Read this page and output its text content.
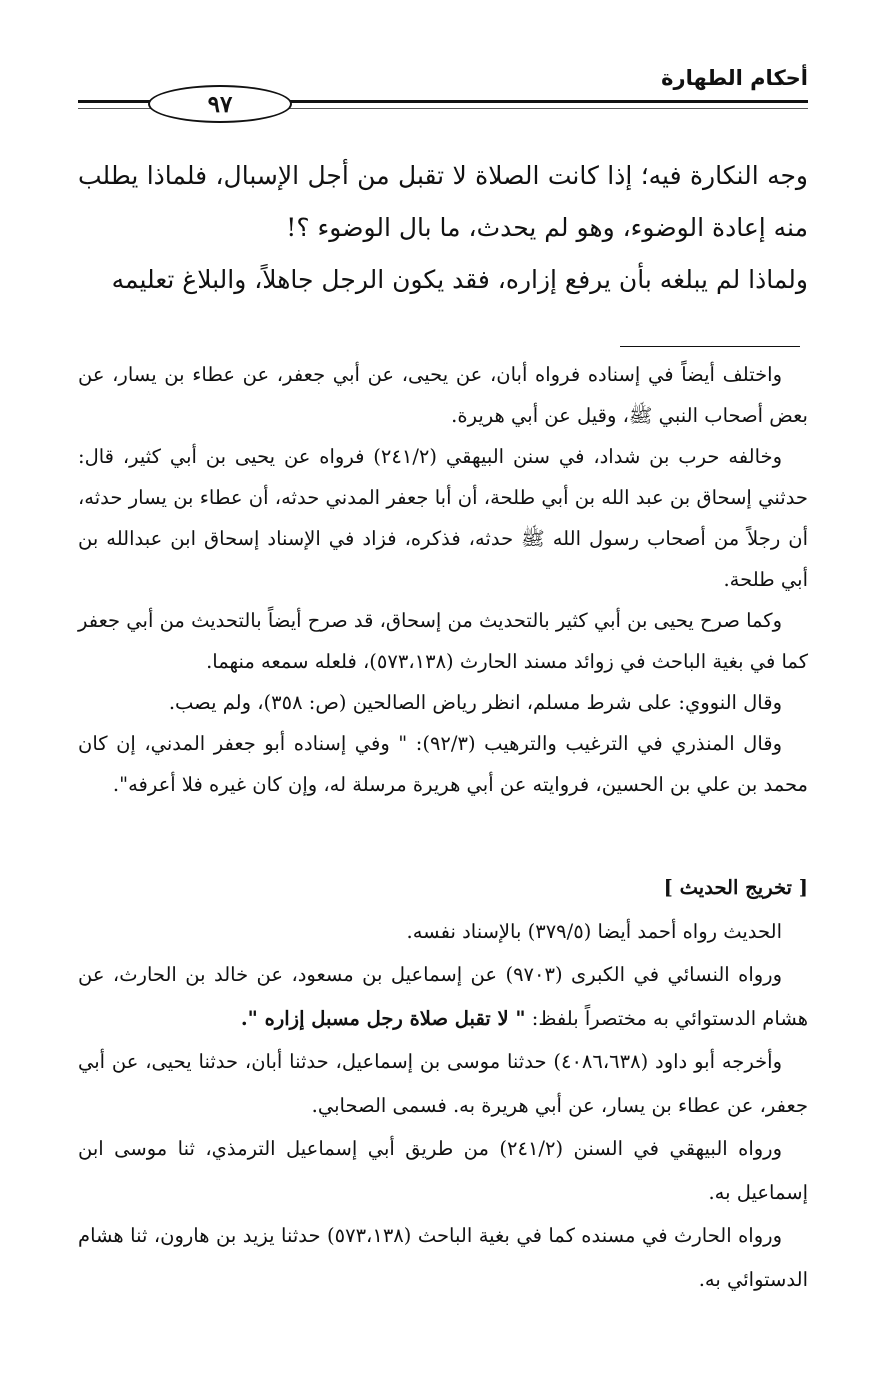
أحكام الطهارة
٩٧

وجه النكارة فيه؛ إذا كانت الصلاة لا تقبل من أجل الإسبال، فلماذا يطلب منه إعادة الوضوء، وهو لم يحدث، ما بال الوضوء ؟!

ولماذا لم يبلغه بأن يرفع إزاره، فقد يكون الرجل جاهلاً، والبلاغ تعليمه

واختلف أيضاً في إسناده فرواه أبان، عن يحيى، عن أبي جعفر، عن عطاء بن يسار، عن بعض أصحاب النبي ﷺ، وقيل عن أبي هريرة.

وخالفه حرب بن شداد، في سنن البيهقي (٢٤١/٢) فرواه عن يحيى بن أبي كثير، قال: حدثني إسحاق بن عبد الله بن أبي طلحة، أن أبا جعفر المدني حدثه، أن عطاء بن يسار حدثه، أن رجلاً من أصحاب رسول الله ﷺ حدثه، فذكره، فزاد في الإسناد إسحاق ابن عبدالله بن أبي طلحة.

وكما صرح يحيى بن أبي كثير بالتحديث من إسحاق، قد صرح أيضاً بالتحديث من أبي جعفر كما في بغية الباحث في زوائد مسند الحارث (٥٧٣،١٣٨)، فلعله سمعه منهما.

وقال النووي: على شرط مسلم، انظر رياض الصالحين (ص: ٣٥٨)، ولم يصب.

وقال المنذري في الترغيب والترهيب (٩٢/٣): " وفي إسناده أبو جعفر المدني، إن كان محمد بن علي بن الحسين، فروايته عن أبي هريرة مرسلة له، وإن كان غيره فلا أعرفه".

[ تخريج الحديث ]

الحديث رواه أحمد أيضا (٣٧٩/٥) بالإسناد نفسه.

ورواه النسائي في الكبرى (٩٧٠٣) عن إسماعيل بن مسعود، عن خالد بن الحارث، عن هشام الدستوائي به مختصراً بلفظ: " لا تقبل صلاة رجل مسبل إزاره ".

وأخرجه أبو داود (٤٠٨٦،٦٣٨) حدثنا موسى بن إسماعيل، حدثنا أبان، حدثنا يحيى، عن أبي جعفر، عن عطاء بن يسار، عن أبي هريرة به. فسمى الصحابي.

ورواه البيهقي في السنن (٢٤١/٢) من طريق أبي إسماعيل الترمذي، ثنا موسى ابن إسماعيل به.

ورواه الحارث في مسنده كما في بغية الباحث (٥٧٣،١٣٨) حدثنا يزيد بن هارون، ثنا هشام الدستوائي به.
